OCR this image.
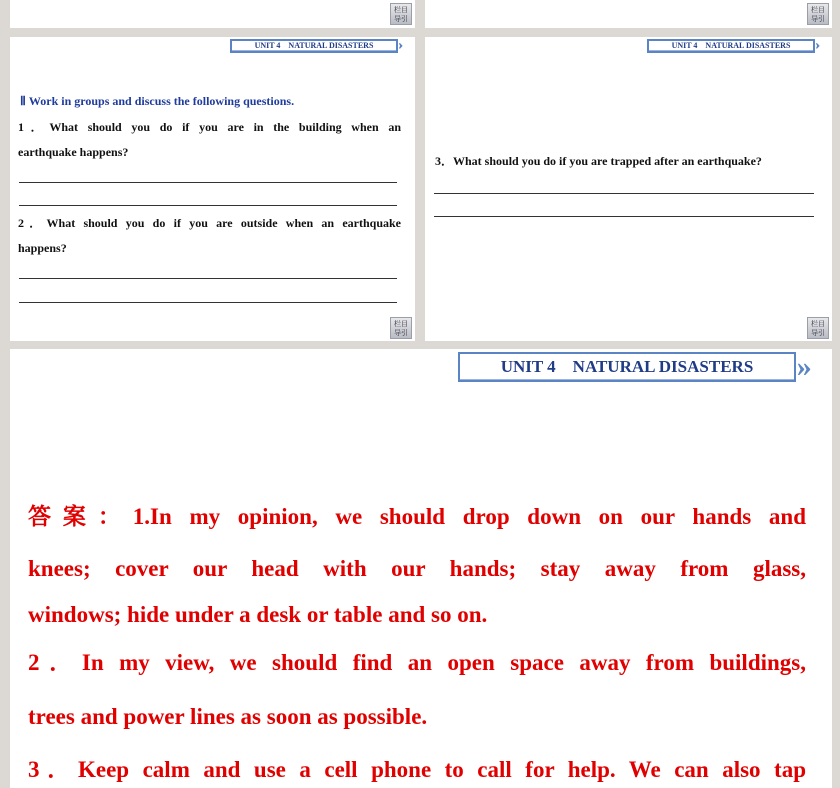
栏目
导引
栏目
导引
UNIT 4　NATURAL DISASTERS	››
Ⅱ Work in groups and discuss the following questions.
1．What should you do if you are in the building when an
earthquake happens?
2．What should you do if you are outside when an earthquake
happens?
栏目
导引
UNIT 4　NATURAL DISASTERS	››
3．What should you do if you are trapped after an earthquake?
栏目
导引
UNIT 4　NATURAL DISASTERS	››

答案：1.In my opinion, we should drop down on our hands and

knees; cover our head with our hands; stay away from glass,

windows; hide under a desk or table and so on.

2．In my view, we should find an open space away from buildings,

trees and power lines as soon as possible.

3．Keep calm and use a cell phone to call for help. We can also tap
